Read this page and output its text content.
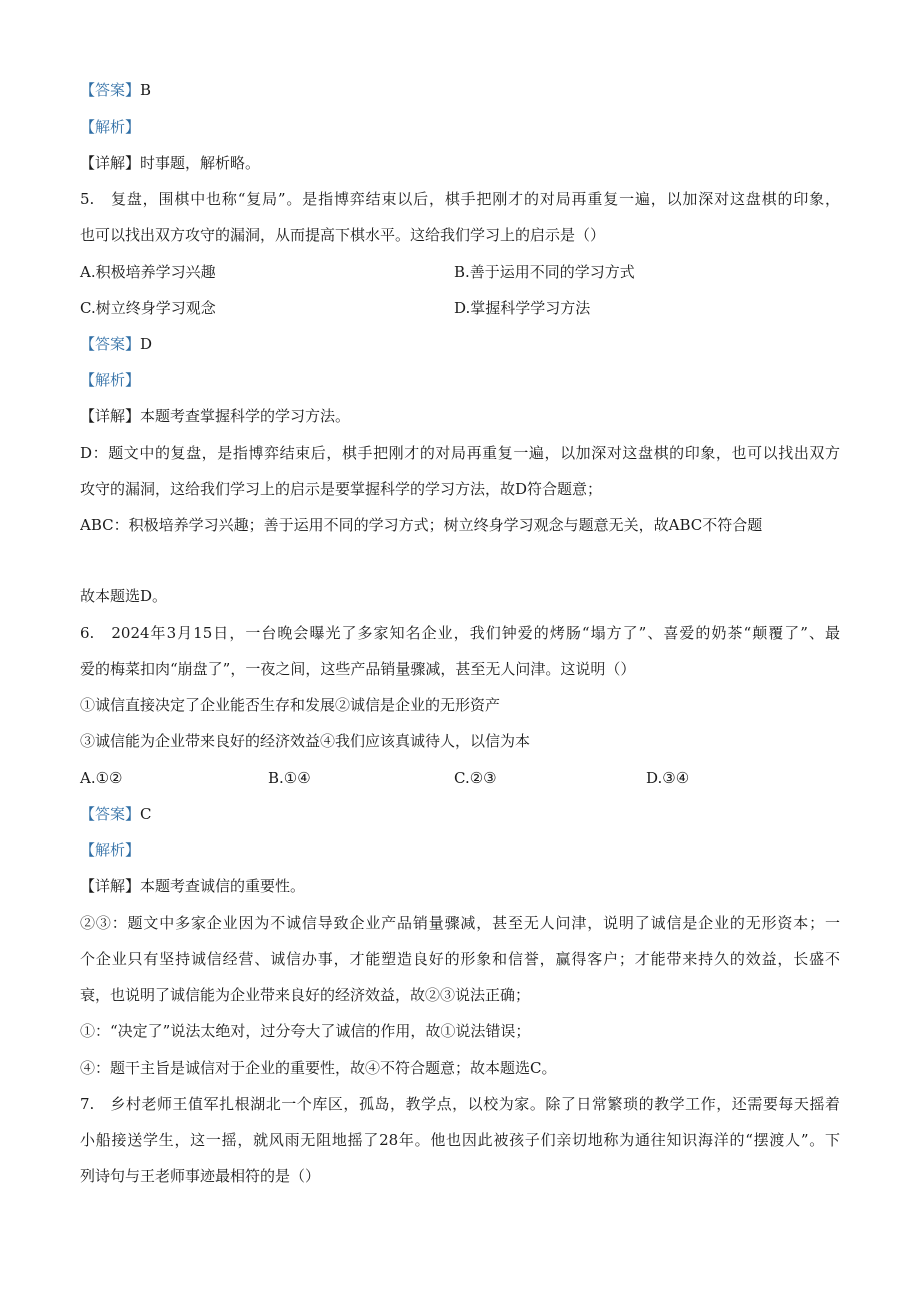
【答案】B
【解析】
【详解】时事题，解析略。
5.　复盘，围棋中也称“复局”。是指博弈结束以后，棋手把刚才的对局再重复一遍，以加深对这盘棋的印象，
也可以找出双方攻守的漏洞，从而提高下棋水平。这给我们学习上的启示是（）
A.积极培养学习兴趣	B.善于运用不同的学习方式
C.树立终身学习观念	D.掌握科学学习方法
【答案】D
【解析】
【详解】本题考查掌握科学的学习方法。
D：题文中的复盘，是指博弈结束后，棋手把刚才的对局再重复一遍，以加深对这盘棋的印象，也可以找出双方
攻守的漏洞，这给我们学习上的启示是要掌握科学的学习方法，故D符合题意；
ABC：积极培养学习兴趣；善于运用不同的学习方式；树立终身学习观念与题意无关，故ABC不符合题
故本题选D。
6.　2024年3月15日，一台晚会曝光了多家知名企业，我们钟爱的烤肠“塌方了”、喜爱的奶茶“颠覆了”、最
爱的梅菜扣肉“崩盘了”，一夜之间，这些产品销量骤减，甚至无人问津。这说明（）
①诚信直接决定了企业能否生存和发展②诚信是企业的无形资产
③诚信能为企业带来良好的经济效益④我们应该真诚待人，以信为本
A.①②	B.①④	C.②③	D.③④
【答案】C
【解析】
【详解】本题考查诚信的重要性。
②③：题文中多家企业因为不诚信导致企业产品销量骤减，甚至无人问津，说明了诚信是企业的无形资本；一
个企业只有坚持诚信经营、诚信办事，才能塑造良好的形象和信誉，赢得客户；才能带来持久的效益，长盛不
衰，也说明了诚信能为企业带来良好的经济效益，故②③说法正确；
①：“决定了”说法太绝对，过分夸大了诚信的作用，故①说法错误；
④：题干主旨是诚信对于企业的重要性，故④不符合题意；故本题选C。
7.　乡村老师王值军扎根湖北一个库区，孤岛，教学点，以校为家。除了日常繁琐的教学工作，还需要每天摇着
小船接送学生，这一摇，就风雨无阻地摇了28年。他也因此被孩子们亲切地称为通往知识海洋的“摆渡人”。下
列诗句与王老师事迹最相符的是（）
